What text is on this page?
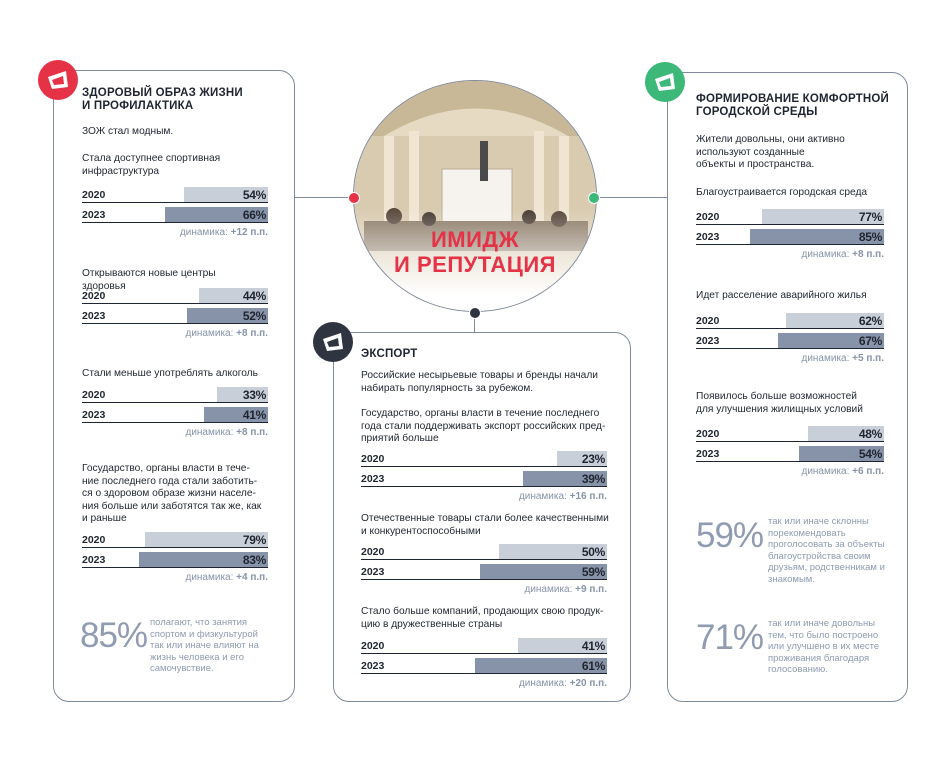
ЗДОРОВЫЙ ОБРАЗ ЖИЗНИ
И ПРОФИЛАКТИКА
ЗОЖ стал модным.
Стала доступнее спортивная инфраструктура
2020	54%
2023	66%
динамика: +12 п.п.
Открываются новые центры здоровья
2020	44%
2023	52%
динамика: +8 п.п.
Стали меньше употреблять алкоголь
2020	33%
2023	41%
динамика: +8 п.п.
Государство, органы власти в тече-ние последнего года стали заботить-ся о здоровом образе жизни населе-ния больше или заботятся так же, как и раньше
2020	79%
2023	83%
динамика: +4 п.п.
85% полагают, что занятия спортом и физкультурой так или иначе влияют на жизнь человека и его самочувствие.
ИМИДЖ
И РЕПУТАЦИЯ
ЭКСПОРТ
Российские несырьевые товары и бренды начали набирать популярность за рубежом.
Государство, органы власти в течение последнего года стали поддерживать экспорт российских пред-приятий больше
2020	23%
2023	39%
динамика: +16 п.п.
Отечественные товары стали более качественными и конкурентоспособными
2020	50%
2023	59%
динамика: +9 п.п.
Стало больше компаний, продающих свою продук-цию в дружественные страны
2020	41%
2023	61%
динамика: +20 п.п.
ФОРМИРОВАНИЕ КОМФОРТНОЙ
ГОРОДСКОЙ СРЕДЫ
Жители довольны, они активно используют созданные объекты и пространства.
Благоустраивается городская среда
2020	77%
2023	85%
динамика: +8 п.п.
Идет расселение аварийного жилья
2020	62%
2023	67%
динамика: +5 п.п.
Появилось больше возможностей для улучшения жилищных условий
2020	48%
2023	54%
динамика: +6 п.п.
59% так или иначе склонны порекомендовать проголосовать за объекты благоустройства своим друзьям, родственникам и знакомым.
71% так или иначе довольны тем, что было построено или улучшено в их месте проживания благодаря голосованию.
